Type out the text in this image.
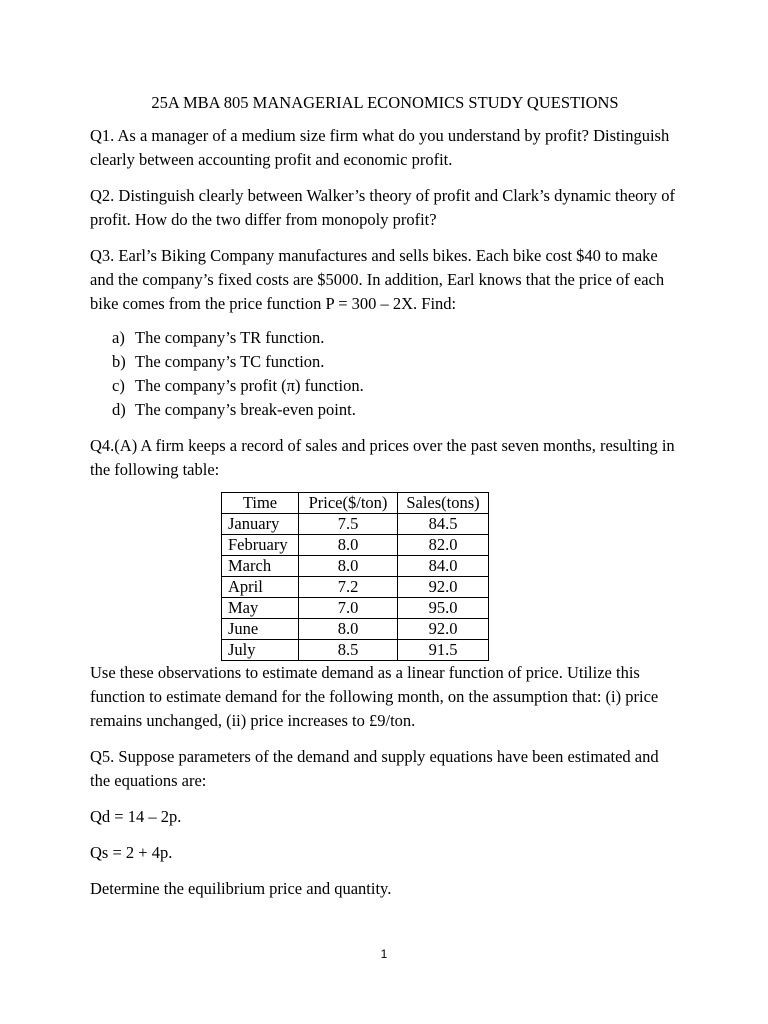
25A MBA 805 MANAGERIAL ECONOMICS STUDY QUESTIONS

Q1. As a manager of a medium size firm what do you understand by profit? Distinguish clearly between accounting profit and economic profit.

Q2. Distinguish clearly between Walker’s theory of profit and Clark’s dynamic theory of profit. How do the two differ from monopoly profit?

Q3. Earl’s Biking Company manufactures and sells bikes. Each bike cost $40 to make and the company’s fixed costs are $5000. In addition, Earl knows that the price of each bike comes from the price function P = 300 – 2X. Find:

a) The company’s TR function.
b) The company’s TC function.
c) The company’s profit (π) function.
d) The company’s break-even point.

Q4.(A) A firm keeps a record of sales and prices over the past seven months, resulting in the following table:

Time	Price($/ton)	Sales(tons)
January	7.5	84.5
February	8.0	82.0
March	8.0	84.0
April	7.2	92.0
May	7.0	95.0
June	8.0	92.0
July	8.5	91.5

Use these observations to estimate demand as a linear function of price. Utilize this function to estimate demand for the following month, on the assumption that: (i) price remains unchanged, (ii) price increases to £9/ton.

Q5. Suppose parameters of the demand and supply equations have been estimated and the equations are:

Qd = 14 – 2p.

Qs = 2 + 4p.

Determine the equilibrium price and quantity.

1
